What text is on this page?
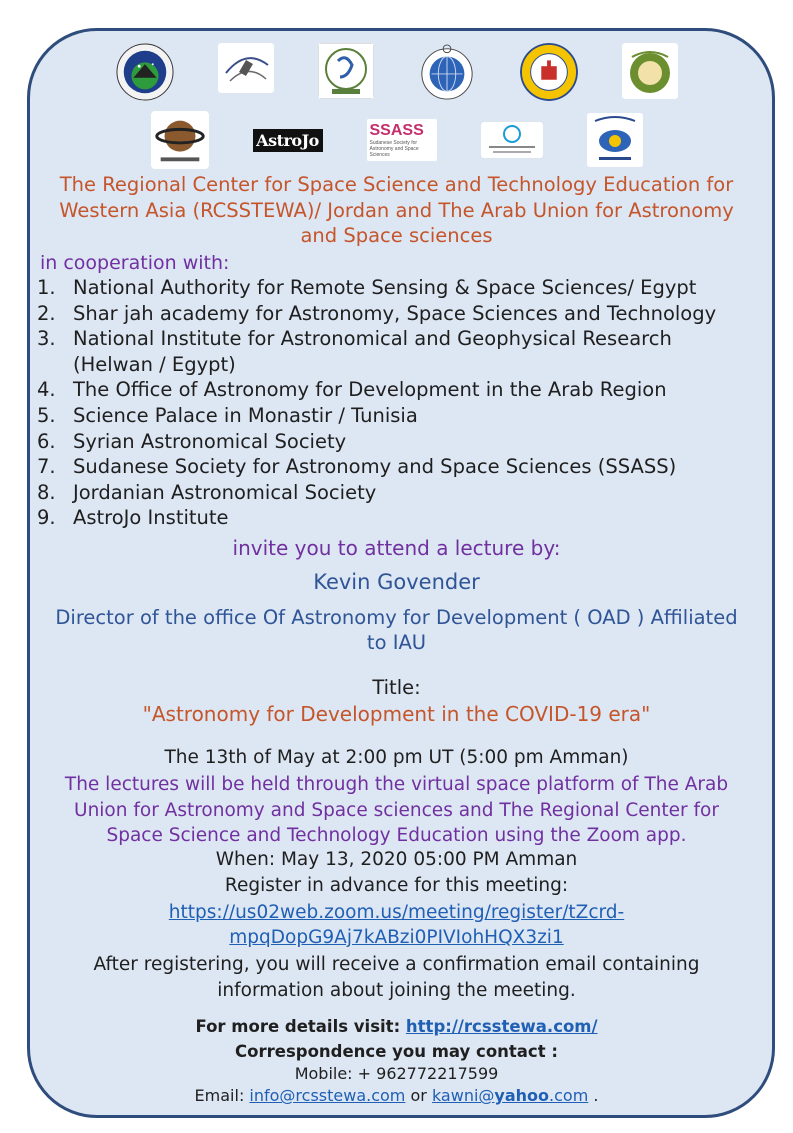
AstroJo	SSASS
Sudanese Society for Astronomy and Space Sciences
The Regional Center for Space Science and Technology Education for
Western Asia (RCSSTEWA)/ Jordan and The Arab Union for Astronomy
and Space sciences
in cooperation with:
1. National Authority for Remote Sensing & Space Sciences/ Egypt
2. Shar jah academy for Astronomy, Space Sciences and Technology
3. National Institute for Astronomical and Geophysical Research
(Helwan / Egypt)
4. The Office of Astronomy for Development in the Arab Region
5. Science Palace in Monastir / Tunisia
6. Syrian Astronomical Society
7. Sudanese Society for Astronomy and Space Sciences (SSASS)
8. Jordanian Astronomical Society
9. AstroJo Institute
invite you to attend a lecture by:
Kevin Govender
Director of the office Of Astronomy for Development ( OAD ) Affiliated
to IAU
Title:
"Astronomy for Development in the COVID-19 era"
The 13th of May at 2:00 pm UT (5:00 pm Amman)
The lectures will be held through the virtual space platform of The Arab
Union for Astronomy and Space sciences and The Regional Center for
Space Science and Technology Education using the Zoom app.
When: May 13, 2020 05:00 PM Amman
Register in advance for this meeting:
https://us02web.zoom.us/meeting/register/tZcrd-
mpqDopG9Aj7kABzi0PIVIohHQX3zi1
After registering, you will receive a confirmation email containing
information about joining the meeting.
For more details visit: http://rcsstewa.com/
Correspondence you may contact :
Mobile: + 962772217599
Email: info@rcsstewa.com or kawni@yahoo.com .
